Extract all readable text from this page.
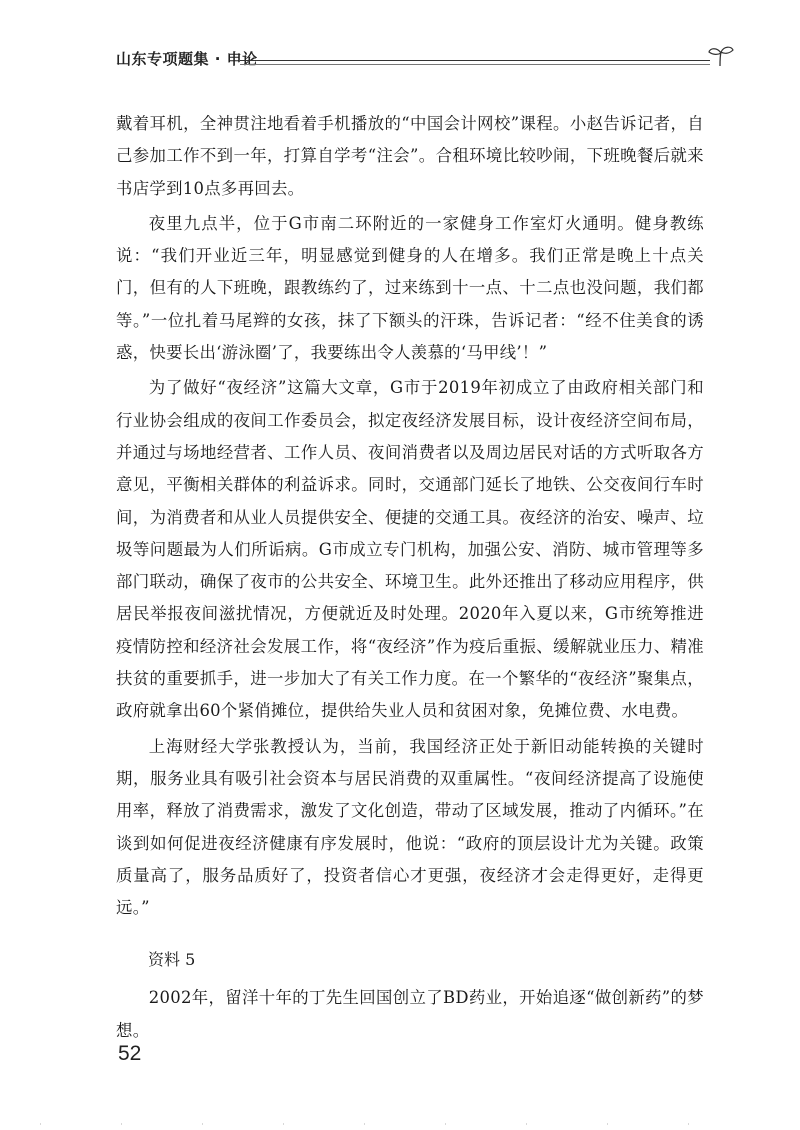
山东专项题集 · 申论

戴着耳机，全神贯注地看着手机播放的“中国会计网校”课程。小赵告诉记者，自己参加工作不到一年，打算自学考“注会”。合租环境比较吵闹，下班晚餐后就来书店学到10点多再回去。

夜里九点半，位于G市南二环附近的一家健身工作室灯火通明。健身教练说：“我们开业近三年，明显感觉到健身的人在增多。我们正常是晚上十点关门，但有的人下班晚，跟教练约了，过来练到十一点、十二点也没问题，我们都等。”一位扎着马尾辫的女孩，抹了下额头的汗珠，告诉记者：“经不住美食的诱惑，快要长出‘游泳圈’了，我要练出令人羡慕的‘马甲线’！”

为了做好“夜经济”这篇大文章，G市于2019年初成立了由政府相关部门和行业协会组成的夜间工作委员会，拟定夜经济发展目标，设计夜经济空间布局，并通过与场地经营者、工作人员、夜间消费者以及周边居民对话的方式听取各方意见，平衡相关群体的利益诉求。同时，交通部门延长了地铁、公交夜间行车时间，为消费者和从业人员提供安全、便捷的交通工具。夜经济的治安、噪声、垃圾等问题最为人们所诟病。G市成立专门机构，加强公安、消防、城市管理等多部门联动，确保了夜市的公共安全、环境卫生。此外还推出了移动应用程序，供居民举报夜间滋扰情况，方便就近及时处理。2020年入夏以来，G市统筹推进疫情防控和经济社会发展工作，将“夜经济”作为疫后重振、缓解就业压力、精准扶贫的重要抓手，进一步加大了有关工作力度。在一个繁华的“夜经济”聚集点，政府就拿出60个紧俏摊位，提供给失业人员和贫困对象，免摊位费、水电费。

上海财经大学张教授认为，当前，我国经济正处于新旧动能转换的关键时期，服务业具有吸引社会资本与居民消费的双重属性。“夜间经济提高了设施使用率，释放了消费需求，激发了文化创造，带动了区域发展，推动了内循环。”在谈到如何促进夜经济健康有序发展时，他说：“政府的顶层设计尤为关键。政策质量高了，服务品质好了，投资者信心才更强，夜经济才会走得更好，走得更远。”

资料 5

2002年，留洋十年的丁先生回国创立了BD药业，开始追逐“做创新药”的梦想。

52
